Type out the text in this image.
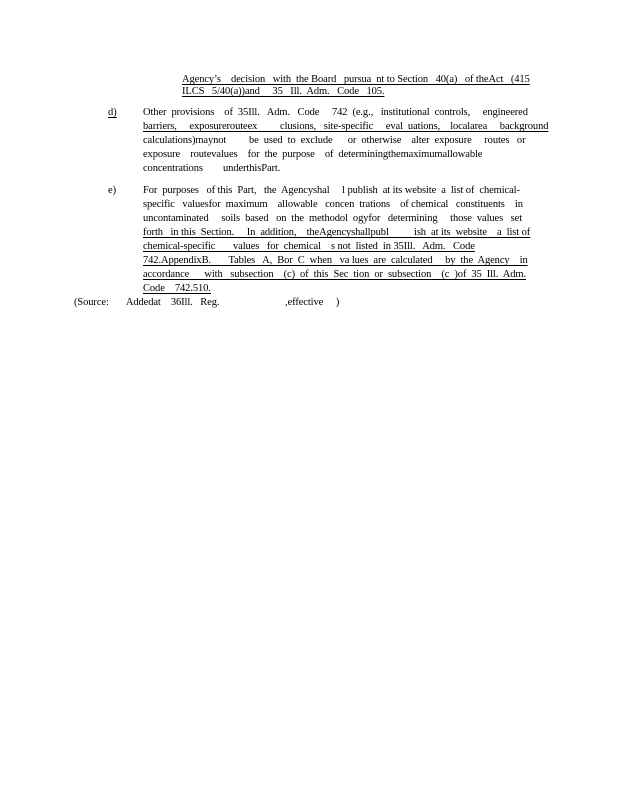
Agency’s    decision   with  the Board   pursua  nt to Section   40(a)   of theAct   (415
ILCS   5/40(a))and     35   Ill.  Adm.   Code   105.
d)	Other  provisions    of  35Ill.   Adm.   Code     742  (e.g.,   institutional  controls,     engineered
barriers,     exposurerouteex         clusions,   site-specific     eval  uations,    localarea     background
calculations)maynot         be  used  to  exclude      or  otherwise    alter  exposure     routes   or
exposure    routevalues    for  the  purpose    of  determiningthemaximumallowable
concentrations        underthisPart.
e)	For  purposes   of this  Part,   the  Agencyshal     l publish  at its website  a  list of  chemical-
specific   valuesfor  maximum    allowable   concen  trations    of chemical   constituents    in
uncontaminated     soils  based   on  the  methodol  ogyfor   determining     those  values   set
forth   in this  Section.     In  addition,    theAgencyshallpubl          ish  at its  website    a  list of
chemical-specific       values   for  chemical    s not  listed  in 35Ill.   Adm.   Code
742.AppendixB.       Tables   A,  Bor  C  when   va lues  are  calculated     by  the  Agency    in
accordance      with   subsection    (c)  of  this  Sec  tion  or  subsection    (c  )of  35  Ill.  Adm.
Code    742.510.
(Source:       Addedat    36Ill.   Reg.                          ,effective     )
